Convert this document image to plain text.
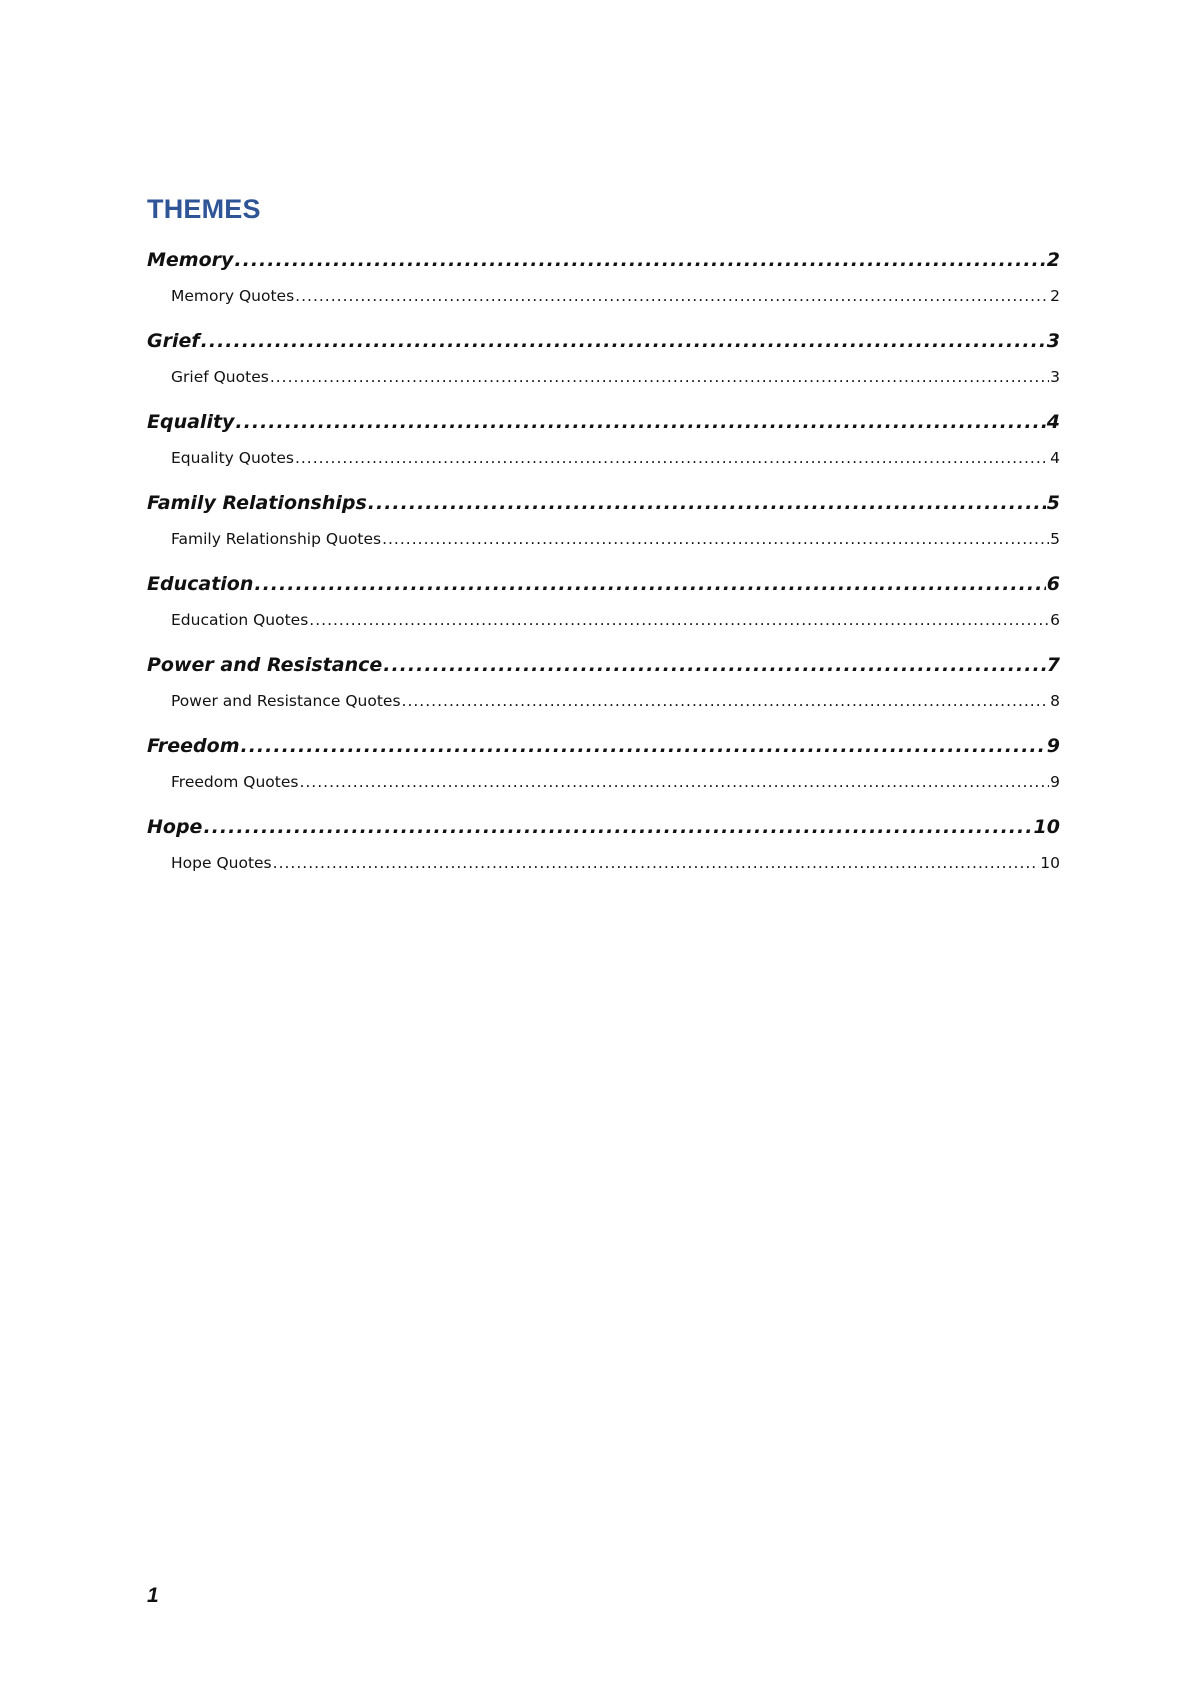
THEMES
Memory .....	2
Memory Quotes .....	2
Grief .....	3
Grief Quotes .....	3
Equality .....	4
Equality Quotes .....	4
Family Relationships .....	5
Family Relationship Quotes .....	5
Education .....	6
Education Quotes .....	6
Power and Resistance .....	7
Power and Resistance Quotes .....	8
Freedom .....	9
Freedom Quotes .....	9
Hope .....	10
Hope Quotes .....	10
1
